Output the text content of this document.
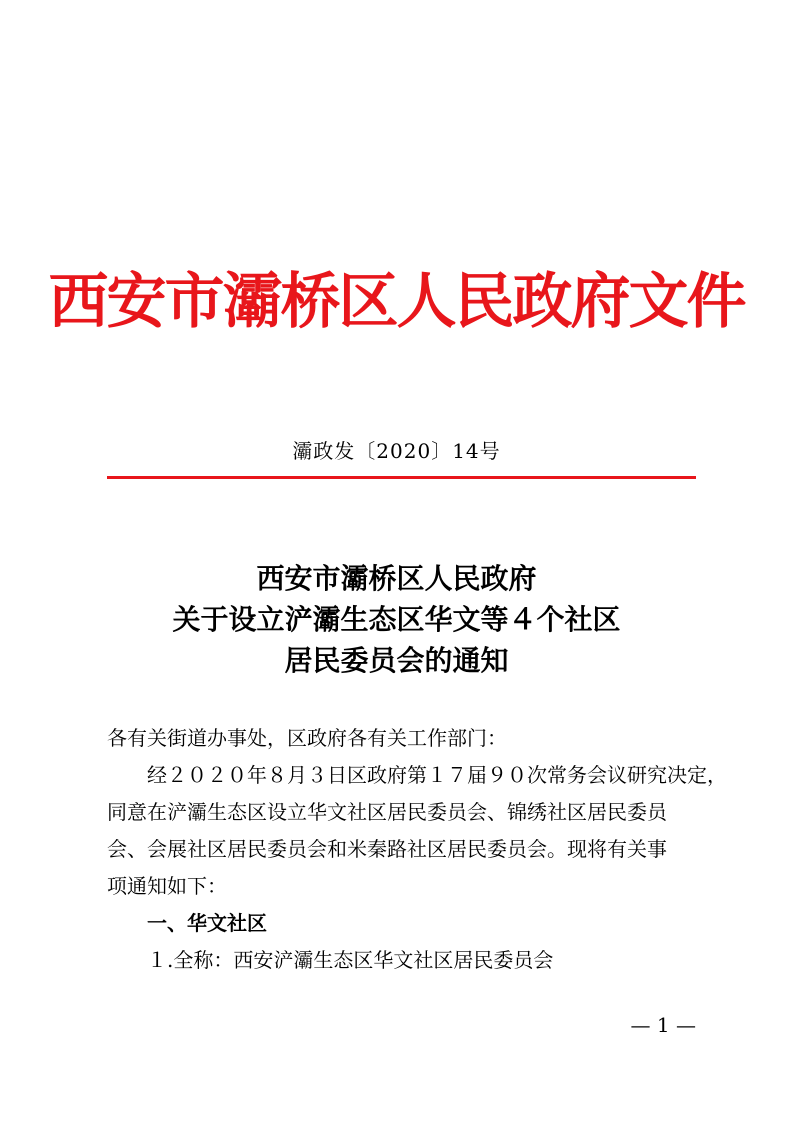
西安市灞桥区人民政府文件
灞政发〔2020〕14号
西安市灞桥区人民政府
关于设立浐灞生态区华文等４个社区
居民委员会的通知

各有关街道办事处，区政府各有关工作部门：

经２０２０年８月３日区政府第１７届９０次常务会议研究决定，

同意在浐灞生态区设立华文社区居民委员会、锦绣社区居民委员

会、会展社区居民委员会和米秦路社区居民委员会。现将有关事

项通知如下：

一、华文社区

１.全称：西安浐灞生态区华文社区居民委员会

— 1 —
